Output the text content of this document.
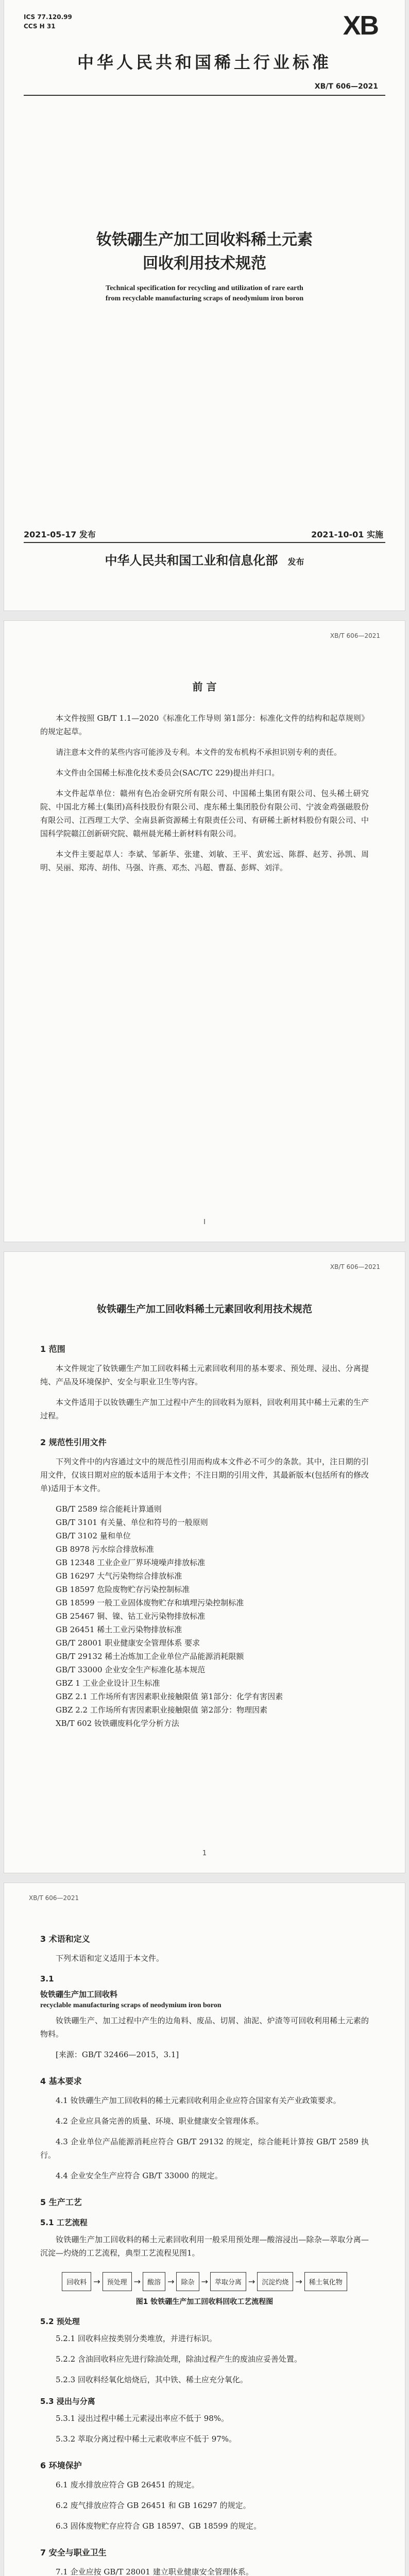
ICS 77.120.99
CCS H 31	XB
中华人民共和国稀土行业标准
XB/T 606—2021
钕铁硼生产加工回收料稀土元素
回收利用技术规范
Technical specification for recycling and utilization of rare earth
from recyclable manufacturing scraps of neodymium iron boron
2021-05-17 发布	2021-10-01 实施
中华人民共和国工业和信息化部 发布
XB/T 606—2021
前 言

本文件按照 GB/T 1.1—2020《标准化工作导则 第1部分：标准化文件的结构和起草规则》的规定起草。

请注意本文件的某些内容可能涉及专利。本文件的发布机构不承担识别专利的责任。

本文件由全国稀土标准化技术委员会(SAC/TC 229)提出并归口。

本文件起草单位：赣州有色冶金研究所有限公司、中国稀土集团有限公司、包头稀土研究院、中国北方稀土(集团)高科技股份有限公司、虔东稀土集团股份有限公司、宁波金鸡强磁股份有限公司、江西理工大学、全南县新资源稀土有限责任公司、有研稀土新材料股份有限公司、中国科学院赣江创新研究院、赣州晨光稀土新材料有限公司。

本文件主要起草人：李斌、邹新华、张建、刘敏、王平、黄宏远、陈群、赵芳、孙凯、周明、吴丽、郑涛、胡伟、马强、许燕、邓杰、冯超、曹磊、彭辉、刘洋。

Ⅰ
XB/T 606—2021
钕铁硼生产加工回收料稀土元素回收利用技术规范
1 范围

本文件规定了钕铁硼生产加工回收料稀土元素回收利用的基本要求、预处理、浸出、分离提纯、产品及环境保护、安全与职业卫生等内容。

本文件适用于以钕铁硼生产加工过程中产生的回收料为原料，回收利用其中稀土元素的生产过程。

2 规范性引用文件

下列文件中的内容通过文中的规范性引用而构成本文件必不可少的条款。其中，注日期的引用文件，仅该日期对应的版本适用于本文件；不注日期的引用文件，其最新版本(包括所有的修改单)适用于本文件。

GB/T 2589 综合能耗计算通则
GB/T 3101 有关量、单位和符号的一般原则
GB/T 3102 量和单位
GB 8978 污水综合排放标准
GB 12348 工业企业厂界环境噪声排放标准
GB 16297 大气污染物综合排放标准
GB 18597 危险废物贮存污染控制标准
GB 18599 一般工业固体废物贮存和填埋污染控制标准
GB 25467 铜、镍、钴工业污染物排放标准
GB 26451 稀土工业污染物排放标准
GB/T 28001 职业健康安全管理体系 要求
GB/T 29132 稀土冶炼加工企业单位产品能源消耗限额
GB/T 33000 企业安全生产标准化基本规范
GBZ 1 工业企业设计卫生标准
GBZ 2.1 工作场所有害因素职业接触限值 第1部分：化学有害因素
GBZ 2.2 工作场所有害因素职业接触限值 第2部分：物理因素
XB/T 602 钕铁硼废料化学分析方法
1
XB/T 606—2021
3 术语和定义

下列术语和定义适用于本文件。

3.1
钕铁硼生产加工回收料
recyclable manufacturing scraps of neodymium iron boron

钕铁硼生产、加工过程中产生的边角料、废品、切屑、油泥、炉渣等可回收利用稀土元素的物料。

[来源：GB/T 32466—2015，3.1]

4 基本要求

4.1 钕铁硼生产加工回收料的稀土元素回收利用企业应符合国家有关产业政策要求。

4.2 企业应具备完善的质量、环境、职业健康安全管理体系。

4.3 企业单位产品能源消耗应符合 GB/T 29132 的规定，综合能耗计算按 GB/T 2589 执行。

4.4 企业安全生产应符合 GB/T 33000 的规定。

5 生产工艺
5.1 工艺流程

钕铁硼生产加工回收料的稀土元素回收利用一般采用预处理—酸溶浸出—除杂—萃取分离—沉淀—灼烧的工艺流程，典型工艺流程见图1。

回收料 →	预处理 →	酸溶 →	除杂 →	萃取分离 →	沉淀灼烧 →	稀土氧化物
图1 钕铁硼生产加工回收料回收工艺流程图
5.2 预处理

5.2.1 回收料应按类别分类堆放，并进行标识。

5.2.2 含油回收料应先进行除油处理，除油过程产生的废油应妥善处置。

5.2.3 回收料经氧化焙烧后，其中铁、稀土应充分氧化。

5.3 浸出与分离

5.3.1 浸出过程中稀土元素浸出率应不低于 98%。

5.3.2 萃取分离过程中稀土元素收率应不低于 97%。

6 环境保护

6.1 废水排放应符合 GB 26451 的规定。

6.2 废气排放应符合 GB 26451 和 GB 16297 的规定。

6.3 固体废物贮存应符合 GB 18597、GB 18599 的规定。

7 安全与职业卫生

7.1 企业应按 GB/T 28001 建立职业健康安全管理体系。
